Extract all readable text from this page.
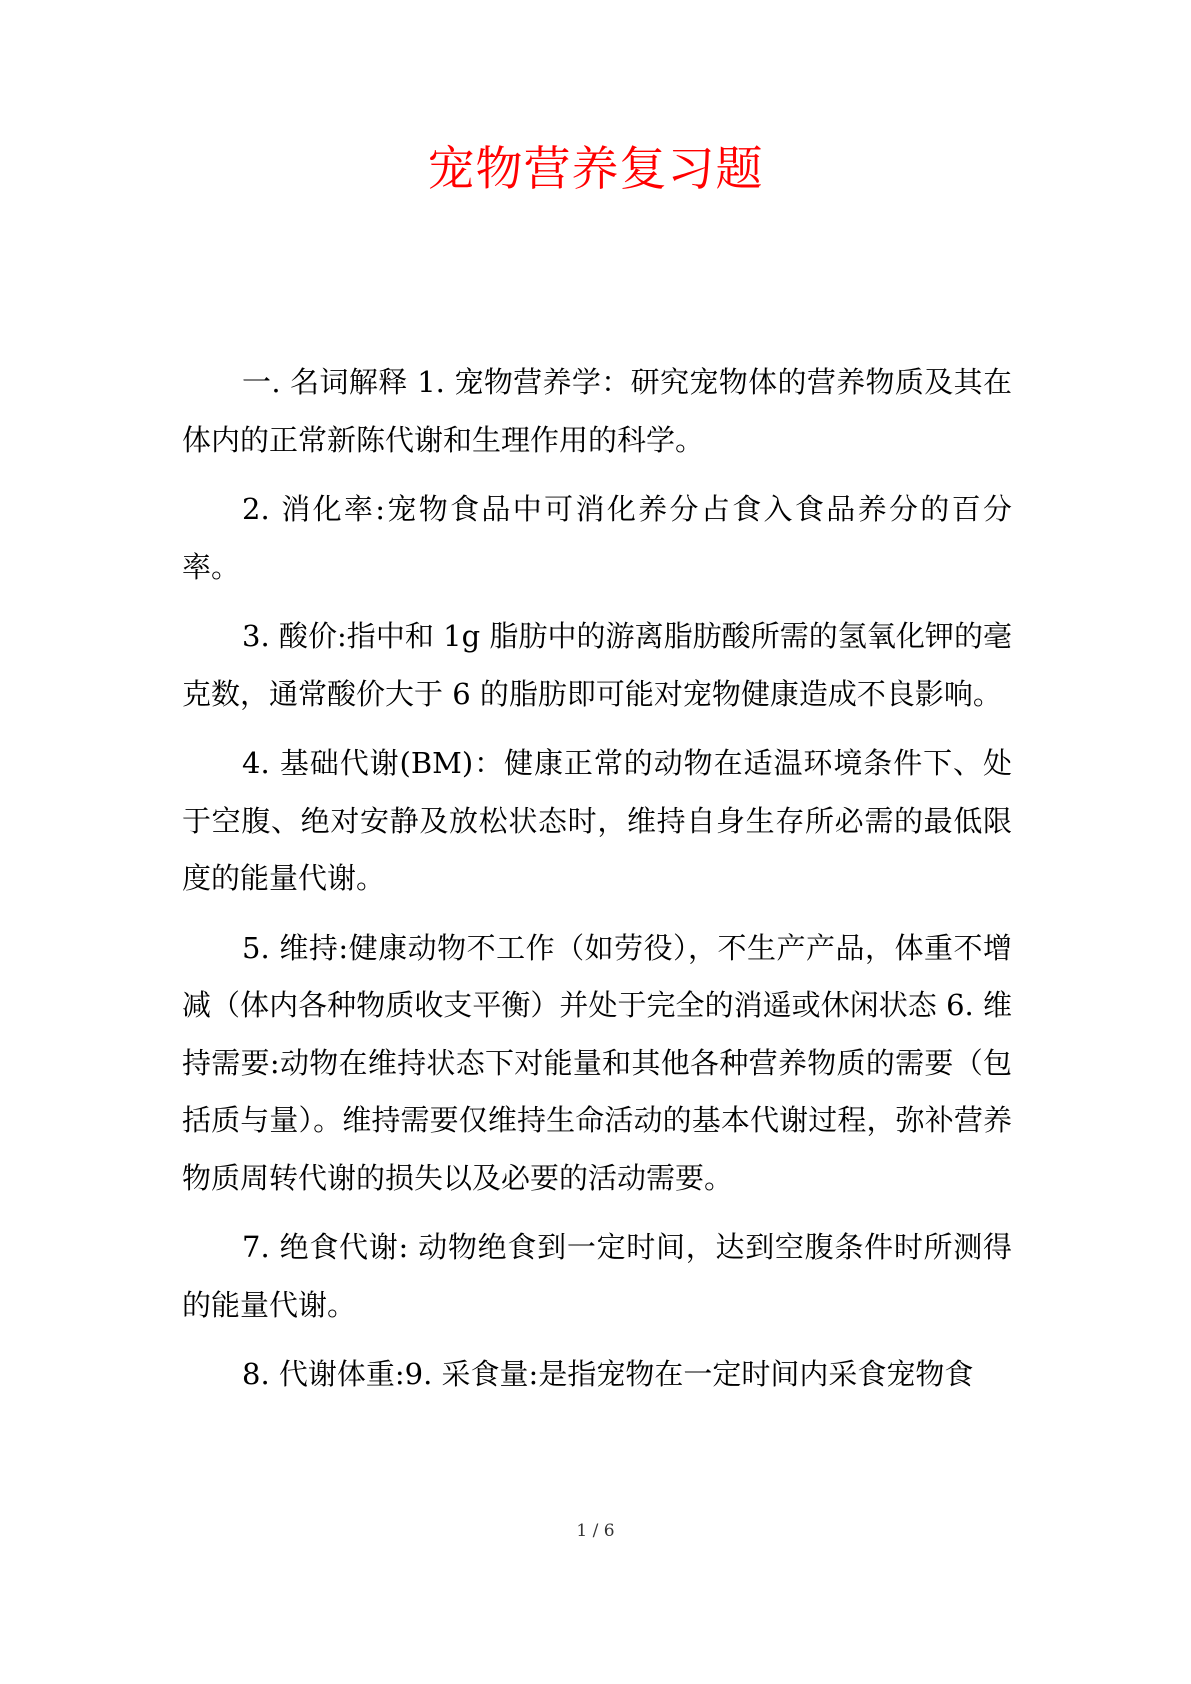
宠物营养复习题

一. 名词解释 1. 宠物营养学：研究宠物体的营养物质及其在体内的正常新陈代谢和生理作用的科学。

2. 消化率:宠物食品中可消化养分占食入食品养分的百分率。

3. 酸价:指中和 1g 脂肪中的游离脂肪酸所需的氢氧化钾的毫克数，通常酸价大于 6 的脂肪即可能对宠物健康造成不良影响。

4. 基础代谢(BM)：健康正常的动物在适温环境条件下、处于空腹、绝对安静及放松状态时，维持自身生存所必需的最低限度的能量代谢。

5. 维持:健康动物不工作（如劳役），不生产产品，体重不增减（体内各种物质收支平衡）并处于完全的消遥或休闲状态 6. 维持需要:动物在维持状态下对能量和其他各种营养物质的需要（包括质与量）。维持需要仅维持生命活动的基本代谢过程，弥补营养物质周转代谢的损失以及必要的活动需要。

7. 绝食代谢: 动物绝食到一定时间，达到空腹条件时所测得的能量代谢。

8. 代谢体重:9. 采食量:是指宠物在一定时间内采食宠物食

1 / 6
